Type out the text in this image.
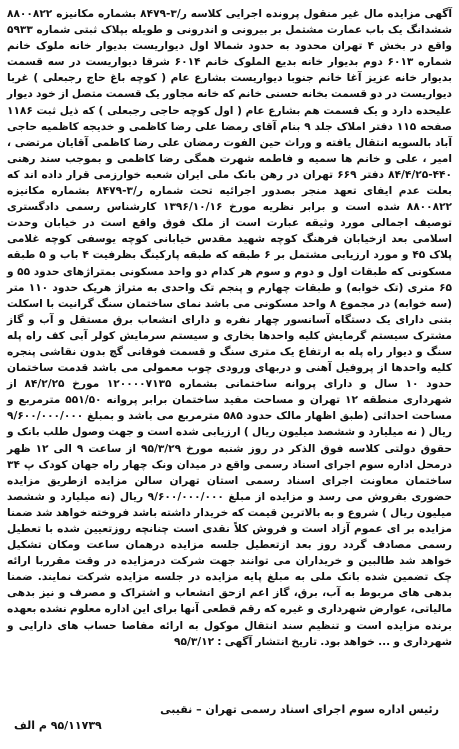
آگهی مزایده مال غیر منقول پرونده اجرایی کلاسه ر/۳-۸۴۷۹ بشماره مکانیزه ۸۸۰۰۸۲۲ ششدانگ یک باب عمارت مشتمل بر بیرونی و اندرونی و طویله بپلاک ثبتی شماره ۵۹۳۳ واقع در بخش ۴ تهران محدود به حدود شمالا اول دیواریست بدیوار خانه ملوک خانم شماره ۶۰۱۳ دوم بدیوار خانه بدیع الملوک خانم ۶۰۱۴ شرقا دیواریست در سه قسمت بدیوار خانه عزیز آغا خانم جنوبا دیواریست بشارع عام ( کوچه باغ حاج رجبعلی ) غربا دیواریست در دو قسمت بخانه حسنی خانم که خانه مجاور یک قسمت متصل از خود دیوار علیحده دارد و یک قسمت هم بشارع عام ( اول کوچه حاجی رجبعلی ) که ذیل ثبت ۱۱۸۶ صفحه ۱۱۵ دفتر املاک جلد ۹ بنام آقای رمضا علی رضا کاظمی و خدیجه کاظمیه حاجی آباد بالسویه انتقال یافته و وراث حین الفوت رمضان علی رضا کاظمی آقایان مرتضی ، امیر ، علی و خانم ها سمیه و فاطمه شهرت همگی رضا کاظمی و بموجب سند رهنی ۴۴۰-۸۴/۴/۲۵ دفتر ۶۶۹ تهران در رهن بانک ملی ایران شعبه خوارزمی قرار داده اند که بعلت عدم ایفای تعهد منجر بصدور اجرائیه تحت شماره ر/۳-۸۴۷۹ بشماره مکانیزه ۸۸۰۰۸۲۲ شده است و برابر نظریه مورخ ۱۳۹۶/۱۰/۱۶ کارشناس رسمی دادگستری توصیف اجمالی مورد وثیقه عبارت است از ملک فوق واقع است در خیابان وحدت اسلامی بعد ازخیابان فرهنگ کوچه شهید مقدس خیابانی کوچه یوسفی کوچه غلامی پلاک ۴۵ و مورد ارزیابی مشتمل بر ۶ طبقه که طبقه پارکینگ بظرفیت ۴ باب و ۵ طبقه مسکونی که طبقات اول و دوم و سوم هر کدام دو واحد مسکونی بمتراژهای حدود ۵۵ و ۶۵ متری (تک خوابه) و طبقات چهارم و پنجم تک واحدی به متراژ هریک حدود ۱۱۰ متر (سه خوابه) در مجموع ۸ واحد مسکونی می باشد نمای ساختمان سنگ گرانیت با اسکلت بتنی دارای یک دستگاه آسانسور چهار نفره و دارای انشعاب برق مستقل و آب و گاز مشترک سیستم گرمایش کلیه واحدها بخاری و سیستم سرمایش کولر آبی کف راه پله سنگ و دیوار راه پله به ارتفاع یک متری سنگ و قسمت فوقانی گچ بدون نقاشی پنجره کلیه واحدها از پروفیل آهنی و دربهای ورودی چوب معمولی می باشد قدمت ساختمان حدود ۱۰ سال و دارای پروانه ساختمانی بشماره ۱۲۰۰۰۰۷۱۳۵ مورخ ۸۴/۲/۲۵ از شهرداری منطقه ۱۲ تهران و مساحت مفید ساختمان برابر پروانه ۵۵۱/۵۰ مترمربع و مساحت احداثی (طبق اظهار مالک حدود ۵۸۵ مترمربع می باشد و بمبلغ ۹/۶۰۰/۰۰۰/۰۰۰ ریال ( نه میلیارد و ششصد میلیون ریال ) ارزیابی شده است و جهت وصول طلب بانک و حقوق دولتی کلاسه فوق الذکر در روز شنبه مورخ ۹۵/۳/۲۹ از ساعت ۹ الی ۱۲ ظهر درمحل اداره سوم اجرای اسناد رسمی واقع در میدان ونک چهار راه جهان کودک پ ۳۴ ساختمان معاونت اجرای اسناد رسمی استان تهران سالن مزایده ازطریق مزایده حضوری بفروش می رسد و مزایده از مبلغ ۹/۶۰۰/۰۰۰/۰۰۰ ریال (نه میلیارد و ششصد میلیون ریال ) شروع و به بالاترین قیمت که خریدار داشته باشد فروخته خواهد شد ضمنا مزایده بر ای عموم آزاد است و فروش کلاً نقدی است چنانچه روزتعیین شده با تعطیل رسمی مصادف گردد روز بعد ازتعطیل جلسه مزایده درهمان ساعت ومکان تشکیل خواهد شد طالبین و خریداران می توانند جهت شرکت درمزایده در وقت مقرربا ارائه چک تضمین شده بانک ملی به مبلغ پایه مزایده در جلسه مزایده شرکت نمایند. ضمنا بدهی های مربوط به آب، برق، گاز اعم ازحق انشعاب و اشتراک و مصرف و نیز بدهی مالیاتی، عوارض شهرداری و غیره که رقم قطعی آنها برای این اداره معلوم نشده بعهده برنده مزایده است و تنظیم سند انتقال موکول به ارائه مفاصا حساب های دارایی و شهرداری و ... خواهد بود. تاریخ انتشار آگهی : ۹۵/۳/۱۲

رئیس اداره سوم اجرای اسناد رسمی تهران – نقیبی
۹۵/۱۱۷۳۹ م الف
